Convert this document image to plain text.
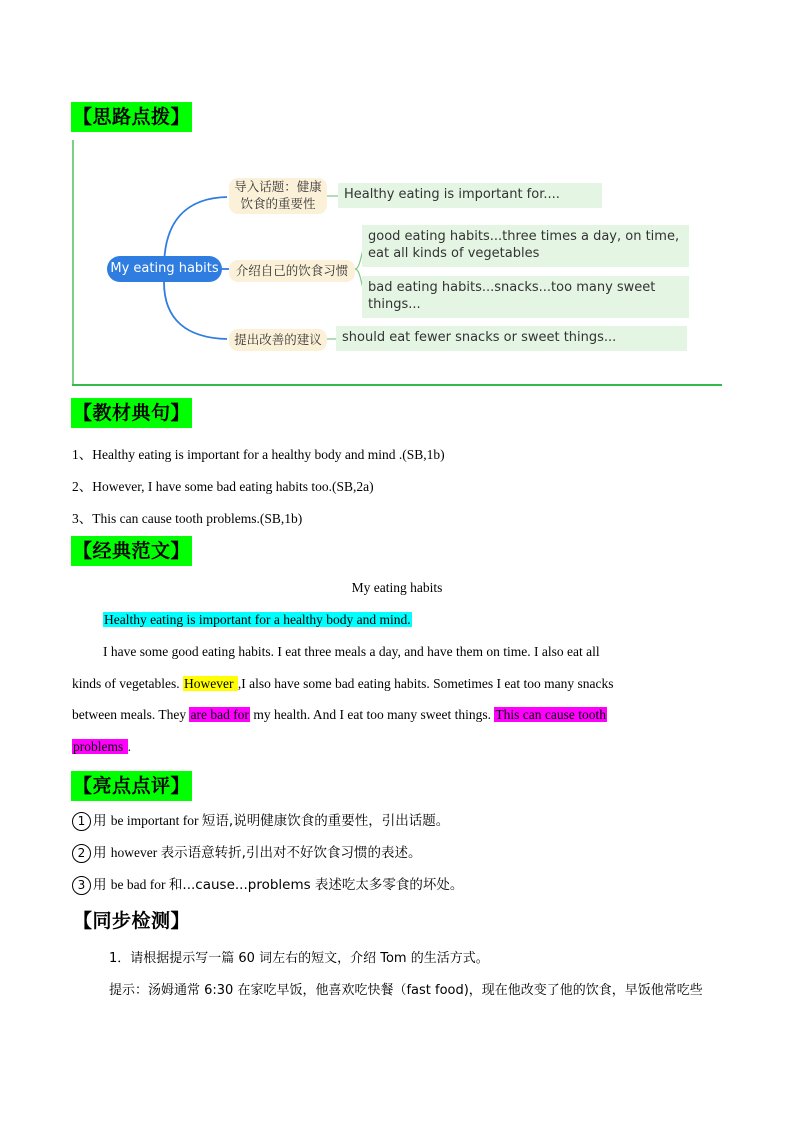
【思路点拨】
My eating habits
导入话题：健康
饮食的重要性
介绍自己的饮食习惯
提出改善的建议
Healthy eating is important for....
good eating habits...three times a day, on time,
eat all kinds of vegetables
bad eating habits...snacks...too many sweet
things...
should eat fewer snacks or sweet things...
【教材典句】
1、Healthy eating is important for a healthy body and mind .(SB,1b)
2、However, I have some bad eating habits too.(SB,2a)
3、This can cause tooth problems.(SB,1b)
【经典范文】
My eating habits
Healthy eating is important for a healthy body and mind.
I have some good eating habits. I eat three meals a day, and have them on time. I also eat all
kinds of vegetables. However ,I also have some bad eating habits. Sometimes I eat too many snacks
between meals. They are bad for my health. And I eat too many sweet things. This can cause tooth
problems .
【亮点点评】
1 用 be important for 短语,说明健康饮食的重要性，引出话题。
2 用 however 表示语意转折,引出对不好饮食习惯的表述。
3 用 be bad for 和...cause...problems 表述吃太多零食的坏处。
【同步检测】
1．请根据提示写一篇 60 词左右的短文，介绍 Tom 的生活方式。
提示：汤姆通常 6:30 在家吃早饭，他喜欢吃快餐（fast food)，现在他改变了他的饮食，早饭他常吃些
